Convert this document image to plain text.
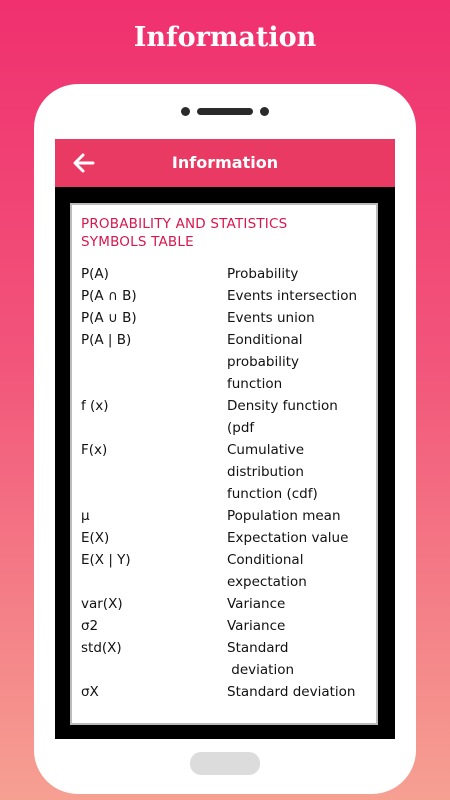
Information
Information
PROBABILITY AND STATISTICS
SYMBOLS TABLE
P(A)	Probability
P(A ∩ B)	Events intersection
P(A ∪ B)	Events union
P(A | B)	Eonditional
probability
function
f (x)	Density function
(pdf
F(x)	Cumulative
distribution
function (cdf)
μ	Population mean
E(X)	Expectation value
E(X | Y)	Conditional
expectation
var(X)	Variance
σ2	Variance
std(X)	Standard
deviation
σX	Standard deviation
